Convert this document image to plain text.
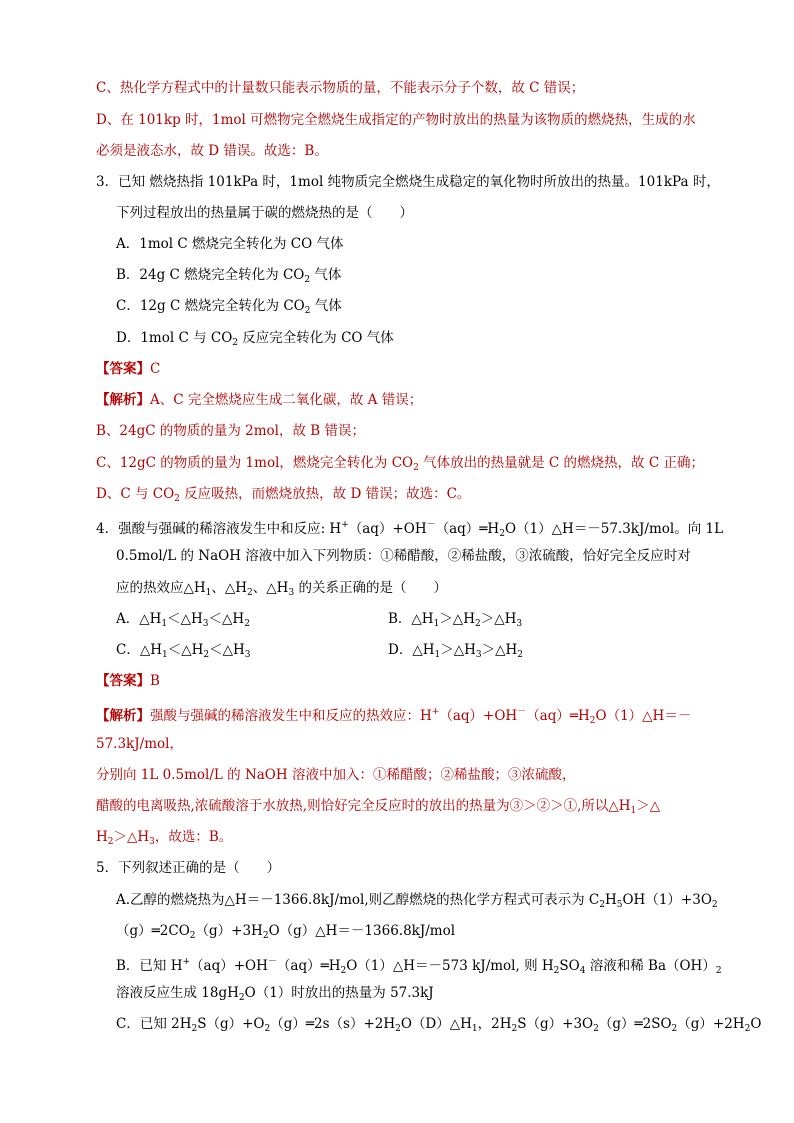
C、热化学方程式中的计量数只能表示物质的量，不能表示分子个数，故 C 错误；
D、在 101kp 时，1mol 可燃物完全燃烧生成指定的产物时放出的热量为该物质的燃烧热，生成的水
必须是液态水，故 D 错误。故选：B。
3．已知 燃烧热指 101kPa 时，1mol 纯物质完全燃烧生成稳定的氧化物时所放出的热量。101kPa 时，
下列过程放出的热量属于碳的燃烧热的是（　　）
A．1mol C 燃烧完全转化为 CO 气体
B．24g C 燃烧完全转化为 $CO_2$ 气体
C．12g C 燃烧完全转化为 $CO_2$ 气体
D．1mol C 与 $CO_2$ 反应完全转化为 CO 气体
【答案】C
【解析】A、C 完全燃烧应生成二氧化碳，故 A 错误；
B、24gC 的物质的量为 2mol，故 B 错误；
C、12gC 的物质的量为 1mol，燃烧完全转化为 $CO_2$ 气体放出的热量就是 C 的燃烧热，故 C 正确；
D、C 与 $CO_2$ 反应吸热，而燃烧放热，故 D 错误；故选：C。
4．强酸与强碱的稀溶液发生中和反应: $H^+(aq)+OH^-(aq)═H_2O(1)\triangle H=-57.3kJ$/mol。向 1L
0.5mol/L 的 NaOH 溶液中加入下列物质：①稀醋酸，②稀盐酸，③浓硫酸，恰好完全反应时对
应的热效应$\triangle H_1$、$\triangle H_2$、$\triangle H_3$ 的关系正确的是（　　）
A．$\triangle H_1<\triangle H_3<\triangle H_2$	B．$\triangle H_1>\triangle H_2>\triangle H_3$
C．$\triangle H_1<\triangle H_2<\triangle H_3$	D．$\triangle H_1>\triangle H_3>\triangle H_2$
【答案】B
【解析】强酸与强碱的稀溶液发生中和反应的热效应：$H^+(aq)+OH^-(aq)═H_2O(1)\triangle H=-$
57.3kJ/mol，
分别向 1L 0.5mol/L 的 NaOH 溶液中加入：①稀醋酸；②稀盐酸；③浓硫酸，
醋酸的电离吸热,浓硫酸溶于水放热,则恰好完全反应时的放出的热量为③＞②＞①,所以$\triangle H_1>\triangle$
$H_2>\triangle H_3$，故选：B。
5．下列叙述正确的是（　　）
A.乙醇的燃烧热为△H＝－1366.8kJ/mol,则乙醇燃烧的热化学方程式可表示为 $C_2H_5OH(1)+3O_2$
$(g)═2CO_2(g)+3H_2O(g)\triangle H=-1366.8kJ$/mol
B．已知 $H^+(aq)+OH^-(aq)═H_2O(1)\triangle H=-573$ kJ/mol, 则 $H_2SO_4$ 溶液和稀 $Ba(OH)_2$
溶液反应生成 $18gH_2O(1)$时放出的热量为 57.3kJ
C．已知 $2H_2S(g)+O_2(g)═2s(s)+2H_2O(D)\triangle H_1$，$2H_2S(g)+3O_2(g)═2SO_2(g)+2H_2O$
